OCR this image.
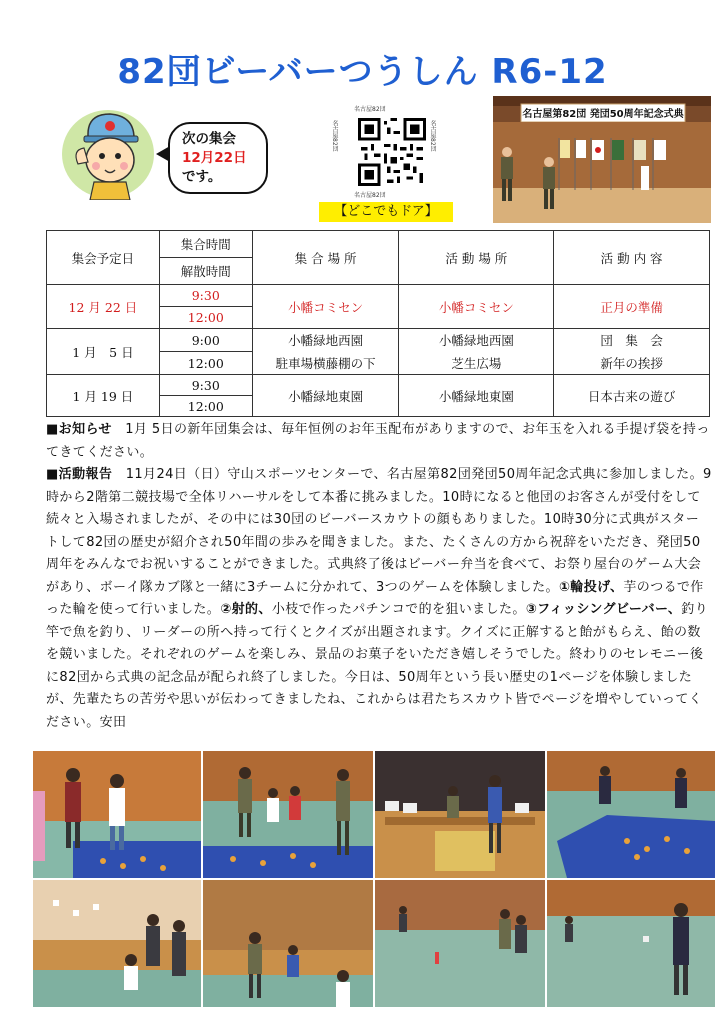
82団ビーバーつうしん R6-12
次の集会
12月22日
です。
名古屋82団
名古屋82団	名古屋82団
名古屋82団
【どこでもドア】
名古屋第82団 発団50周年記念式典
集会予定日	集合時間	集 合 場 所	活 動 場 所	活 動 内 容
	解散時間			
12 月 22 日	9:30	小幡コミセン	小幡コミセン	正月の準備
	12:00			
1 月　5 日	9:00	小幡緑地西園	小幡緑地西園	団　集　会
	12:00	駐車場横藤棚の下	芝生広場	新年の挨拶
1 月 19 日	9:30	小幡緑地東園	小幡緑地東園	日本古来の遊び
	12:00			

■お知らせ　1月 5日の新年団集会は、毎年恒例のお年玉配布がありますので、お年玉を入れる手提げ袋を持ってきてください。

■活動報告　11月24日（日）守山スポーツセンターで、名古屋第82団発団50周年記念式典に参加しました。9時から2階第二競技場で全体リハーサルをして本番に挑みました。10時になると他団のお客さんが受付をして続々と入場されましたが、その中には30団のビーバースカウトの顔もありました。10時30分に式典がスタートして82団の歴史が紹介され50年間の歩みを聞きました。また、たくさんの方から祝辞をいただき、発団50周年をみんなでお祝いすることができました。式典終了後はビーバー弁当を食べて、お祭り屋台のゲーム大会があり、ボーイ隊カブ隊と一緒に3チームに分かれて、3つのゲームを体験しました。①輪投げ、芋のつるで作った輪を使って行いました。②射的、小枝で作ったパチンコで的を狙いました。③フィッシングビーバー、釣り竿で魚を釣り、リーダーの所へ持って行くとクイズが出題されます。クイズに正解すると飴がもらえ、飴の数を競いました。それぞれのゲームを楽しみ、景品のお菓子をいただき嬉しそうでした。終わりのセレモニー後に82団から式典の記念品が配られ終了しました。今日は、50周年という長い歴史の1ページを体験しましたが、先輩たちの苦労や思いが伝わってきましたね、これからは君たちスカウト皆でページを増やしていってください。安田
